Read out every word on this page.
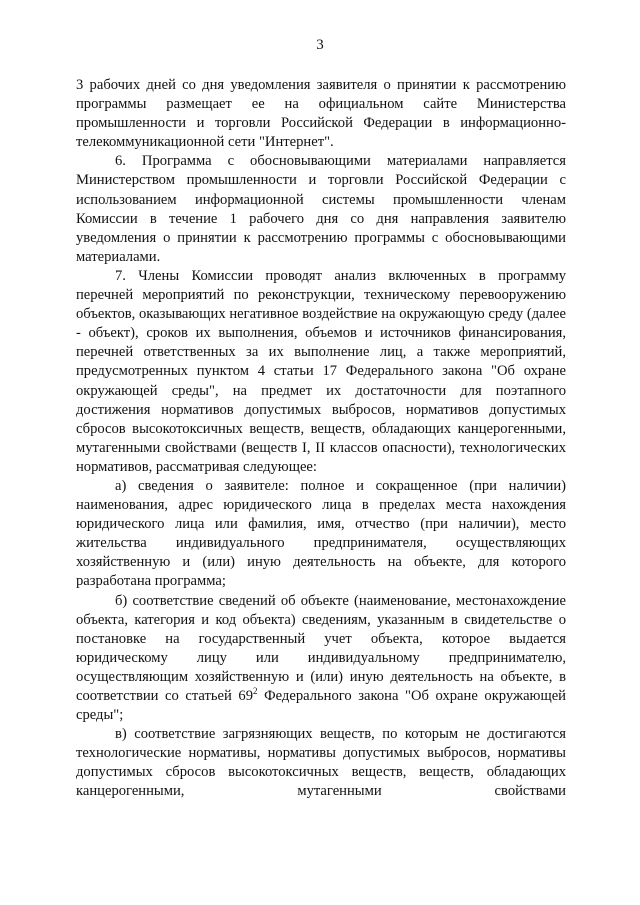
3

3 рабочих дней со дня уведомления заявителя о принятии к рассмотрению программы размещает ее на официальном сайте Министерства промышленности и торговли Российской Федерации в информационно-телекоммуникационной сети "Интернет".

6. Программа с обосновывающими материалами направляется Министерством промышленности и торговли Российской Федерации с использованием информационной системы промышленности членам Комиссии в течение 1 рабочего дня со дня направления заявителю уведомления о принятии к рассмотрению программы с обосновывающими материалами.

7. Члены Комиссии проводят анализ включенных в программу перечней мероприятий по реконструкции, техническому перевооружению объектов, оказывающих негативное воздействие на окружающую среду (далее - объект), сроков их выполнения, объемов и источников финансирования, перечней ответственных за их выполнение лиц, а также мероприятий, предусмотренных пунктом 4 статьи 17 Федерального закона "Об охране окружающей среды", на предмет их достаточности для поэтапного достижения нормативов допустимых выбросов, нормативов допустимых сбросов высокотоксичных веществ, веществ, обладающих канцерогенными, мутагенными свойствами (веществ I, II классов опасности), технологических нормативов, рассматривая следующее:

а) сведения о заявителе: полное и сокращенное (при наличии) наименования, адрес юридического лица в пределах места нахождения юридического лица или фамилия, имя, отчество (при наличии), место жительства индивидуального предпринимателя, осуществляющих хозяйственную и (или) иную деятельность на объекте, для которого разработана программа;

б) соответствие сведений об объекте (наименование, местонахождение объекта, категория и код объекта) сведениям, указанным в свидетельстве о постановке на государственный учет объекта, которое выдается юридическому лицу или индивидуальному предпринимателю, осуществляющим хозяйственную и (или) иную деятельность на объекте, в соответствии со статьей $69^2$ Федерального закона "Об охране окружающей среды";

в) соответствие загрязняющих веществ, по которым не достигаются технологические нормативы, нормативы допустимых выбросов, нормативы допустимых сбросов высокотоксичных веществ, веществ, обладающих канцерогенными, мутагенными свойствами
